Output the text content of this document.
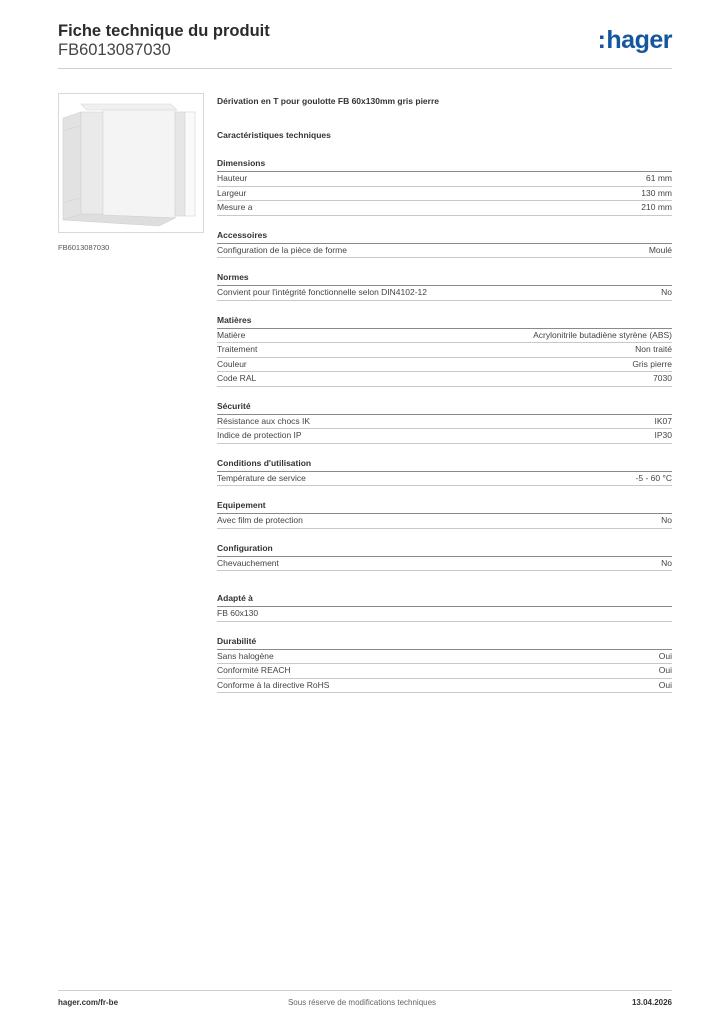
Fiche technique du produit
FB6013087030	:hager
FB6013087030
Dérivation en T pour goulotte FB 60x130mm gris pierre
Caractéristiques techniques
Dimensions
Hauteur	61 mm
Largeur	130 mm
Mesure a	210 mm
Accessoires
Configuration de la pièce de forme	Moulé
Normes
Convient pour l'intégrité fonctionnelle selon DIN4102-12	No
Matières
Matière	Acrylonitrile butadiène styrène (ABS)
Traitement	Non traité
Couleur	Gris pierre
Code RAL	7030
Sécurité
Résistance aux chocs IK	IK07
Indice de protection IP	IP30
Conditions d'utilisation
Température de service	-5 - 60 °C
Equipement
Avec film de protection	No
Configuration
Chevauchement	No
Adapté à
FB 60x130
Durabilité
Sans halogène	Oui
Conformité REACH	Oui
Conforme à la directive RoHS	Oui
hager.com/fr-be	Sous réserve de modifications techniques	13.04.2026
